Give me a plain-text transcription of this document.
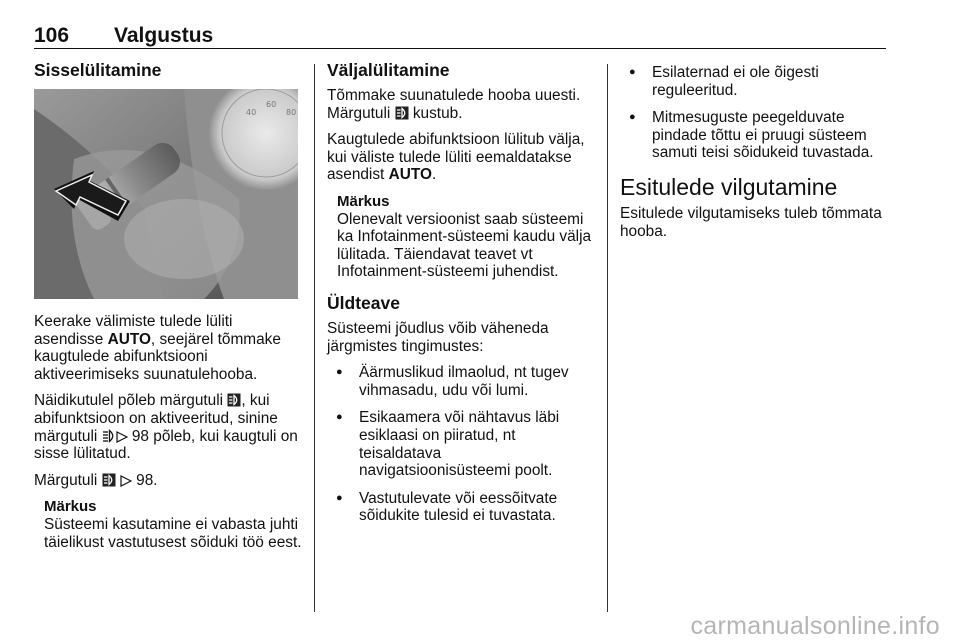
106 Valgustus
Sisselülitamine
40
60
80

Keerake välimiste tulede lüliti asendisse AUTO, seejärel tõmmake kaugtulede abifunktsiooni aktiveerimiseks suunatulehooba.

Näidikutulel põleb märgutuli , kui abifunktsioon on aktiveeritud, sinine märgutuli  98 põleb, kui kaugtuli on sisse lülitatud.

Märgutuli   98.

Märkus
Süsteemi kasutamine ei vabasta juhti täielikust vastutusest sõiduki töö eest.
Väljalülitamine

Tõmmake suunatulede hooba uuesti. Märgutuli  kustub.

Kaugtulede abifunktsioon lülitub välja, kui väliste tulede lüliti eemaldatakse asendist AUTO.

Märkus
Olenevalt versioonist saab süsteemi ka Infotainment-süsteemi kaudu välja lülitada. Täiendavat teavet vt Infotainment-süsteemi juhendist.
Üldteave

Süsteemi jõudlus võib väheneda järgmistes tingimustes:

● Äärmuslikud ilmaolud, nt tugev vihmasadu, udu või lumi.
● Esikaamera või nähtavus läbi esiklaasi on piiratud, nt teisaldatava navigatsioonisüsteemi poolt.
● Vastutulevate või eessõitvate sõidukite tulesid ei tuvastata.
● Esilaternad ei ole õigesti reguleeritud.
● Mitmesuguste peegelduvate pindade tõttu ei pruugi süsteem samuti teisi sõidukeid tuvastada.
Esitulede vilgutamine

Esitulede vilgutamiseks tuleb tõmmata hooba.

carmanualsonline.info
